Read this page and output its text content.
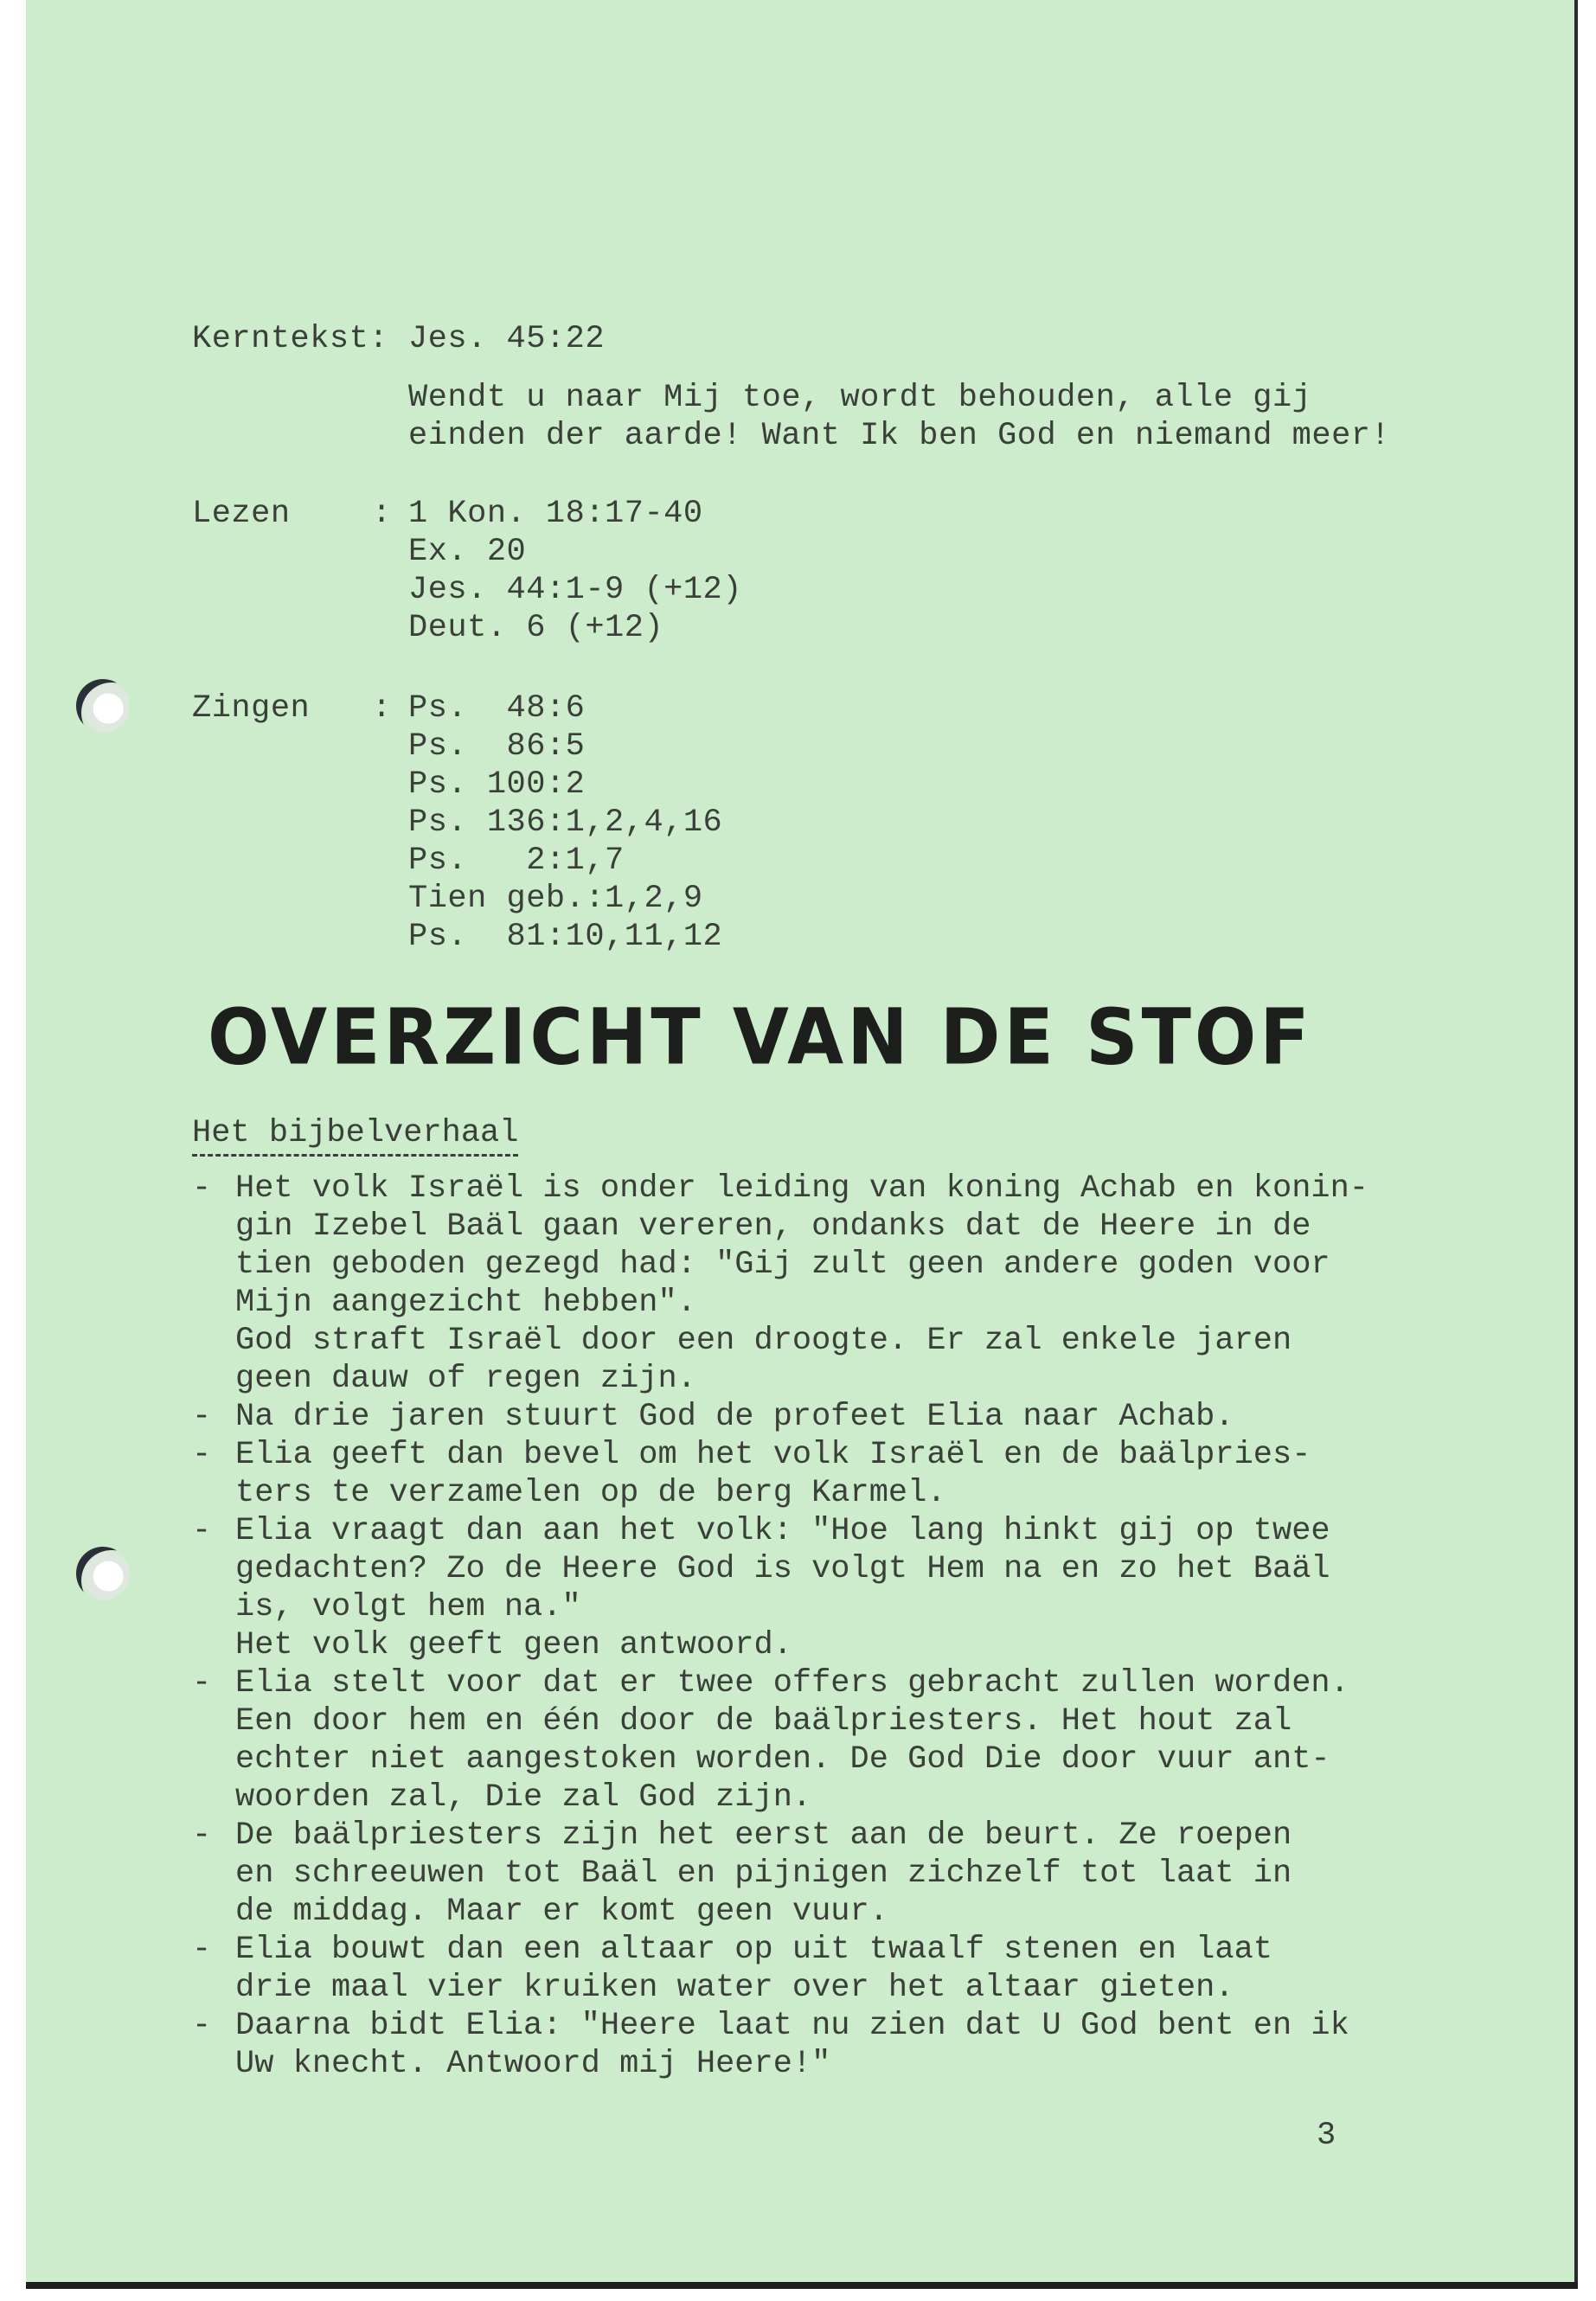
Kerntekst: Jes. 45:22
Wendt u naar Mij toe, wordt behouden, alle gij
einden der aarde! Want Ik ben God en niemand meer!
Lezen	: 1 Kon. 18:17-40
Ex. 20
Jes. 44:1-9 (+12)
Deut. 6 (+12)
Zingen : Ps.  48:6
Ps.  86:5
Ps. 100:2
Ps. 136:1,2,4,16
Ps.   2:1,7
Tien geb.:1,2,9
Ps.  81:10,11,12
OVERZICHT VAN DE STOF
Het bijbelverhaal
- Het volk Israël is onder leiding van koning Achab en konin-
gin Izebel Baäl gaan vereren, ondanks dat de Heere in de
tien geboden gezegd had: "Gij zult geen andere goden voor
Mijn aangezicht hebben".
God straft Israël door een droogte. Er zal enkele jaren
geen dauw of regen zijn.
- Na drie jaren stuurt God de profeet Elia naar Achab.
- Elia geeft dan bevel om het volk Israël en de baälpries-
ters te verzamelen op de berg Karmel.
- Elia vraagt dan aan het volk: "Hoe lang hinkt gij op twee
gedachten? Zo de Heere God is volgt Hem na en zo het Baäl
is, volgt hem na."
Het volk geeft geen antwoord.
- Elia stelt voor dat er twee offers gebracht zullen worden.
Een door hem en één door de baälpriesters. Het hout zal
echter niet aangestoken worden. De God Die door vuur ant-
woorden zal, Die zal God zijn.
- De baälpriesters zijn het eerst aan de beurt. Ze roepen
en schreeuwen tot Baäl en pijnigen zichzelf tot laat in
de middag. Maar er komt geen vuur.
- Elia bouwt dan een altaar op uit twaalf stenen en laat
drie maal vier kruiken water over het altaar gieten.
- Daarna bidt Elia: "Heere laat nu zien dat U God bent en ik
Uw knecht. Antwoord mij Heere!"
3
